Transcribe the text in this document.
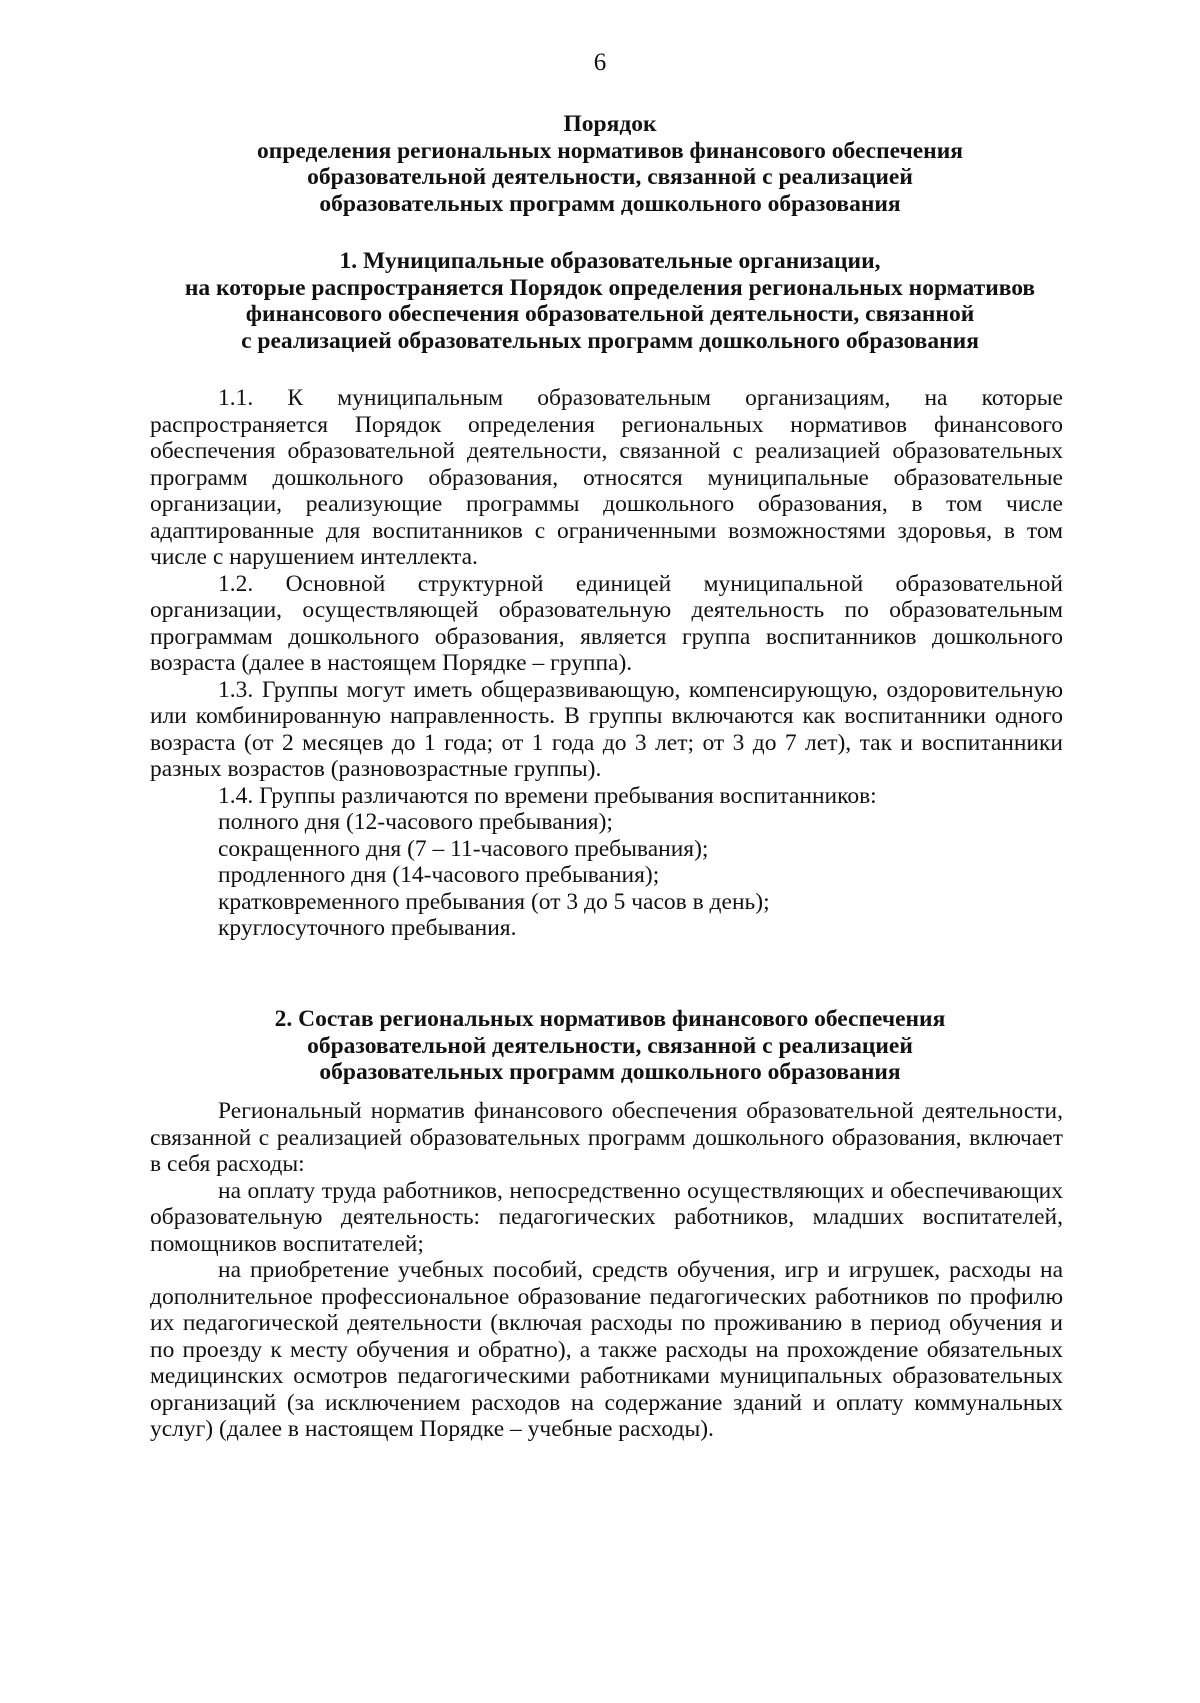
6
Порядок
определения региональных нормативов финансового обеспечения
образовательной деятельности, связанной с реализацией
образовательных программ дошкольного образования
1. Муниципальные образовательные организации,
на которые распространяется Порядок определения региональных нормативов
финансового обеспечения образовательной деятельности, связанной
с реализацией образовательных программ дошкольного образования

1.1. К муниципальным образовательным организациям, на которые распространяется Порядок определения региональных нормативов финансового обеспечения образовательной деятельности, связанной с реализацией образовательных программ дошкольного образования, относятся муниципальные образовательные организации, реализующие программы дошкольного образования, в том числе адаптированные для воспитанников с ограниченными возможностями здоровья, в том числе с нарушением интеллекта.

1.2. Основной структурной единицей муниципальной образовательной организации, осуществляющей образовательную деятельность по образовательным программам дошкольного образования, является группа воспитанников дошкольного возраста (далее в настоящем Порядке – группа).

1.3. Группы могут иметь общеразвивающую, компенсирующую, оздоровительную или комбинированную направленность. В группы включаются как воспитанники одного возраста (от 2 месяцев до 1 года; от 1 года до 3 лет; от 3 до 7 лет), так и воспитанники разных возрастов (разновозрастные группы).

1.4. Группы различаются по времени пребывания воспитанников:

полного дня (12-часового пребывания);
сокращенного дня (7 – 11-часового пребывания);
продленного дня (14-часового пребывания);
кратковременного пребывания (от 3 до 5 часов в день);
круглосуточного пребывания.
2. Состав региональных нормативов финансового обеспечения
образовательной деятельности, связанной с реализацией
образовательных программ дошкольного образования

Региональный норматив финансового обеспечения образовательной деятельности, связанной с реализацией образовательных программ дошкольного образования, включает в себя расходы:

на оплату труда работников, непосредственно осуществляющих и обеспечивающих образовательную деятельность: педагогических работников, младших воспитателей, помощников воспитателей;

на приобретение учебных пособий, средств обучения, игр и игрушек, расходы на дополнительное профессиональное образование педагогических работников по профилю их педагогической деятельности (включая расходы по проживанию в период обучения и по проезду к месту обучения и обратно), а также расходы на прохождение обязательных медицинских осмотров педагогическими работниками муниципальных образовательных организаций (за исключением расходов на содержание зданий и оплату коммунальных услуг) (далее в настоящем Порядке – учебные расходы).
